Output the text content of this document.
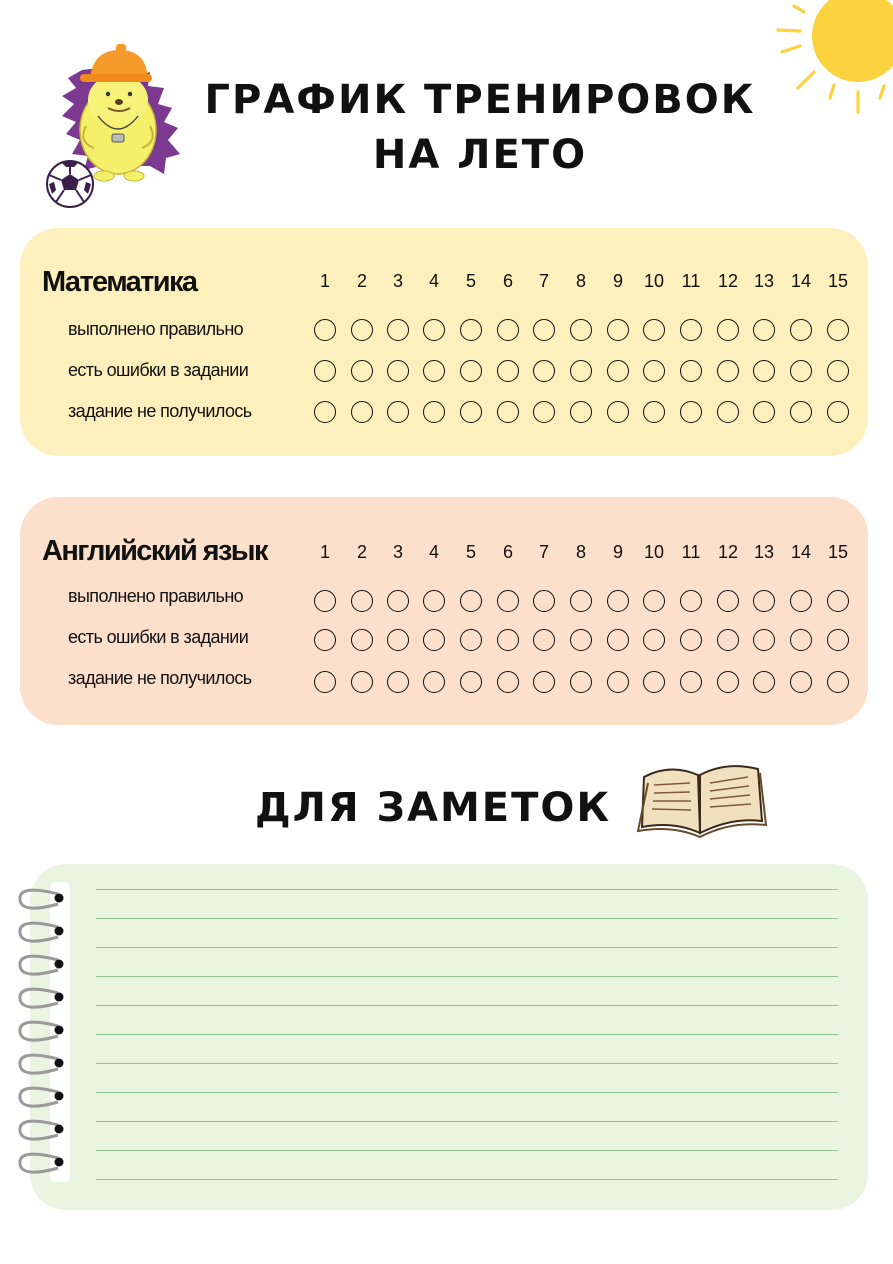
ГРАФИК ТРЕНИРОВОК
НА ЛЕТО
Математика	1	2	3	4	5	6	7	8	9	10 11 12 13 14 15
выполнено правильно
есть ошибки в задании
задание не получилось
Английский язык	1	2	3	4	5	6	7	8	9	10 11 12 13 14 15
выполнено правильно
есть ошибки в задании
задание не получилось
ДЛЯ ЗАМЕТОК
